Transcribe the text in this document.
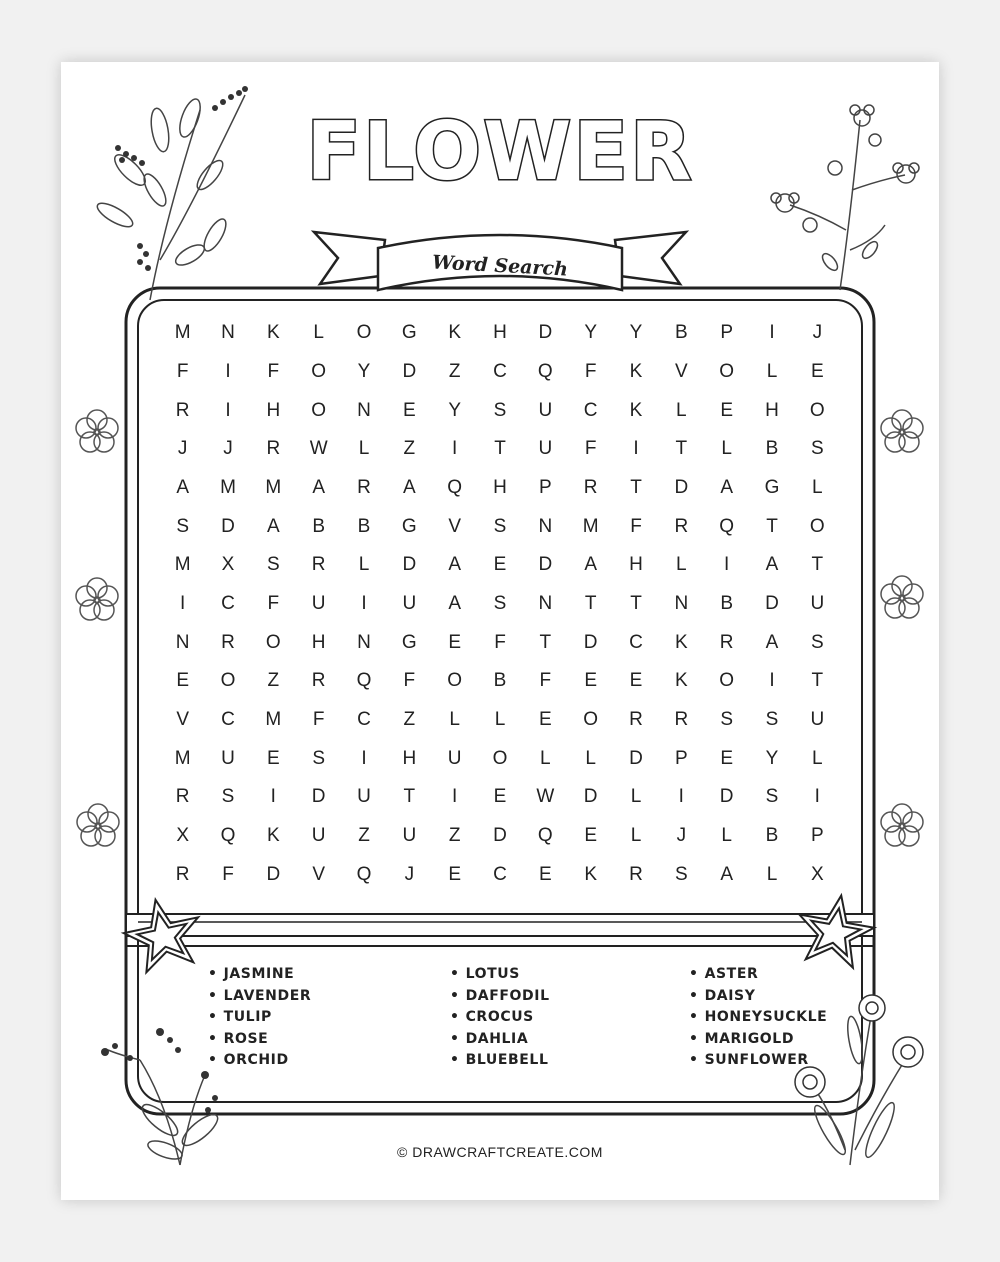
FLOWER
Word Search
M	N	K	L	O	G	K	H	D	Y	Y	B	P	I	J
F	I	F	O	Y	D	Z	C	Q	F	K	V	O	L	E
R	I	H	O	N	E	Y	S	U	C	K	L	E	H	O
J	J	R	W	L	Z	I	T	U	F	I	T	L	B	S
A	M	M	A	R	A	Q	H	P	R	T	D	A	G	L
S	D	A	B	B	G	V	S	N	M	F	R	Q	T	O
M	X	S	R	L	D	A	E	D	A	H	L	I	A	T
I	C	F	U	I	U	A	S	N	T	T	N	B	D	U
N	R	O	H	N	G	E	F	T	D	C	K	R	A	S
E	O	Z	R	Q	F	O	B	F	E	E	K	O	I	T
V	C	M	F	C	Z	L	L	E	O	R	R	S	S	U
M	U	E	S	I	H	U	O	L	L	D	P	E	Y	L
R	S	I	D	U	T	I	E	W	D	L	I	D	S	I
X	Q	K	U	Z	U	Z	D	Q	E	L	J	L	B	P
R	F	D	V	Q	J	E	C	E	K	R	S	A	L	X
• JASMINE
• LAVENDER
• TULIP
• ROSE
• ORCHID
• LOTUS
• DAFFODIL
• CROCUS
• DAHLIA
• BLUEBELL
• ASTER
• DAISY
• HONEYSUCKLE
• MARIGOLD
• SUNFLOWER
© DRAWCRAFTCREATE.COM
